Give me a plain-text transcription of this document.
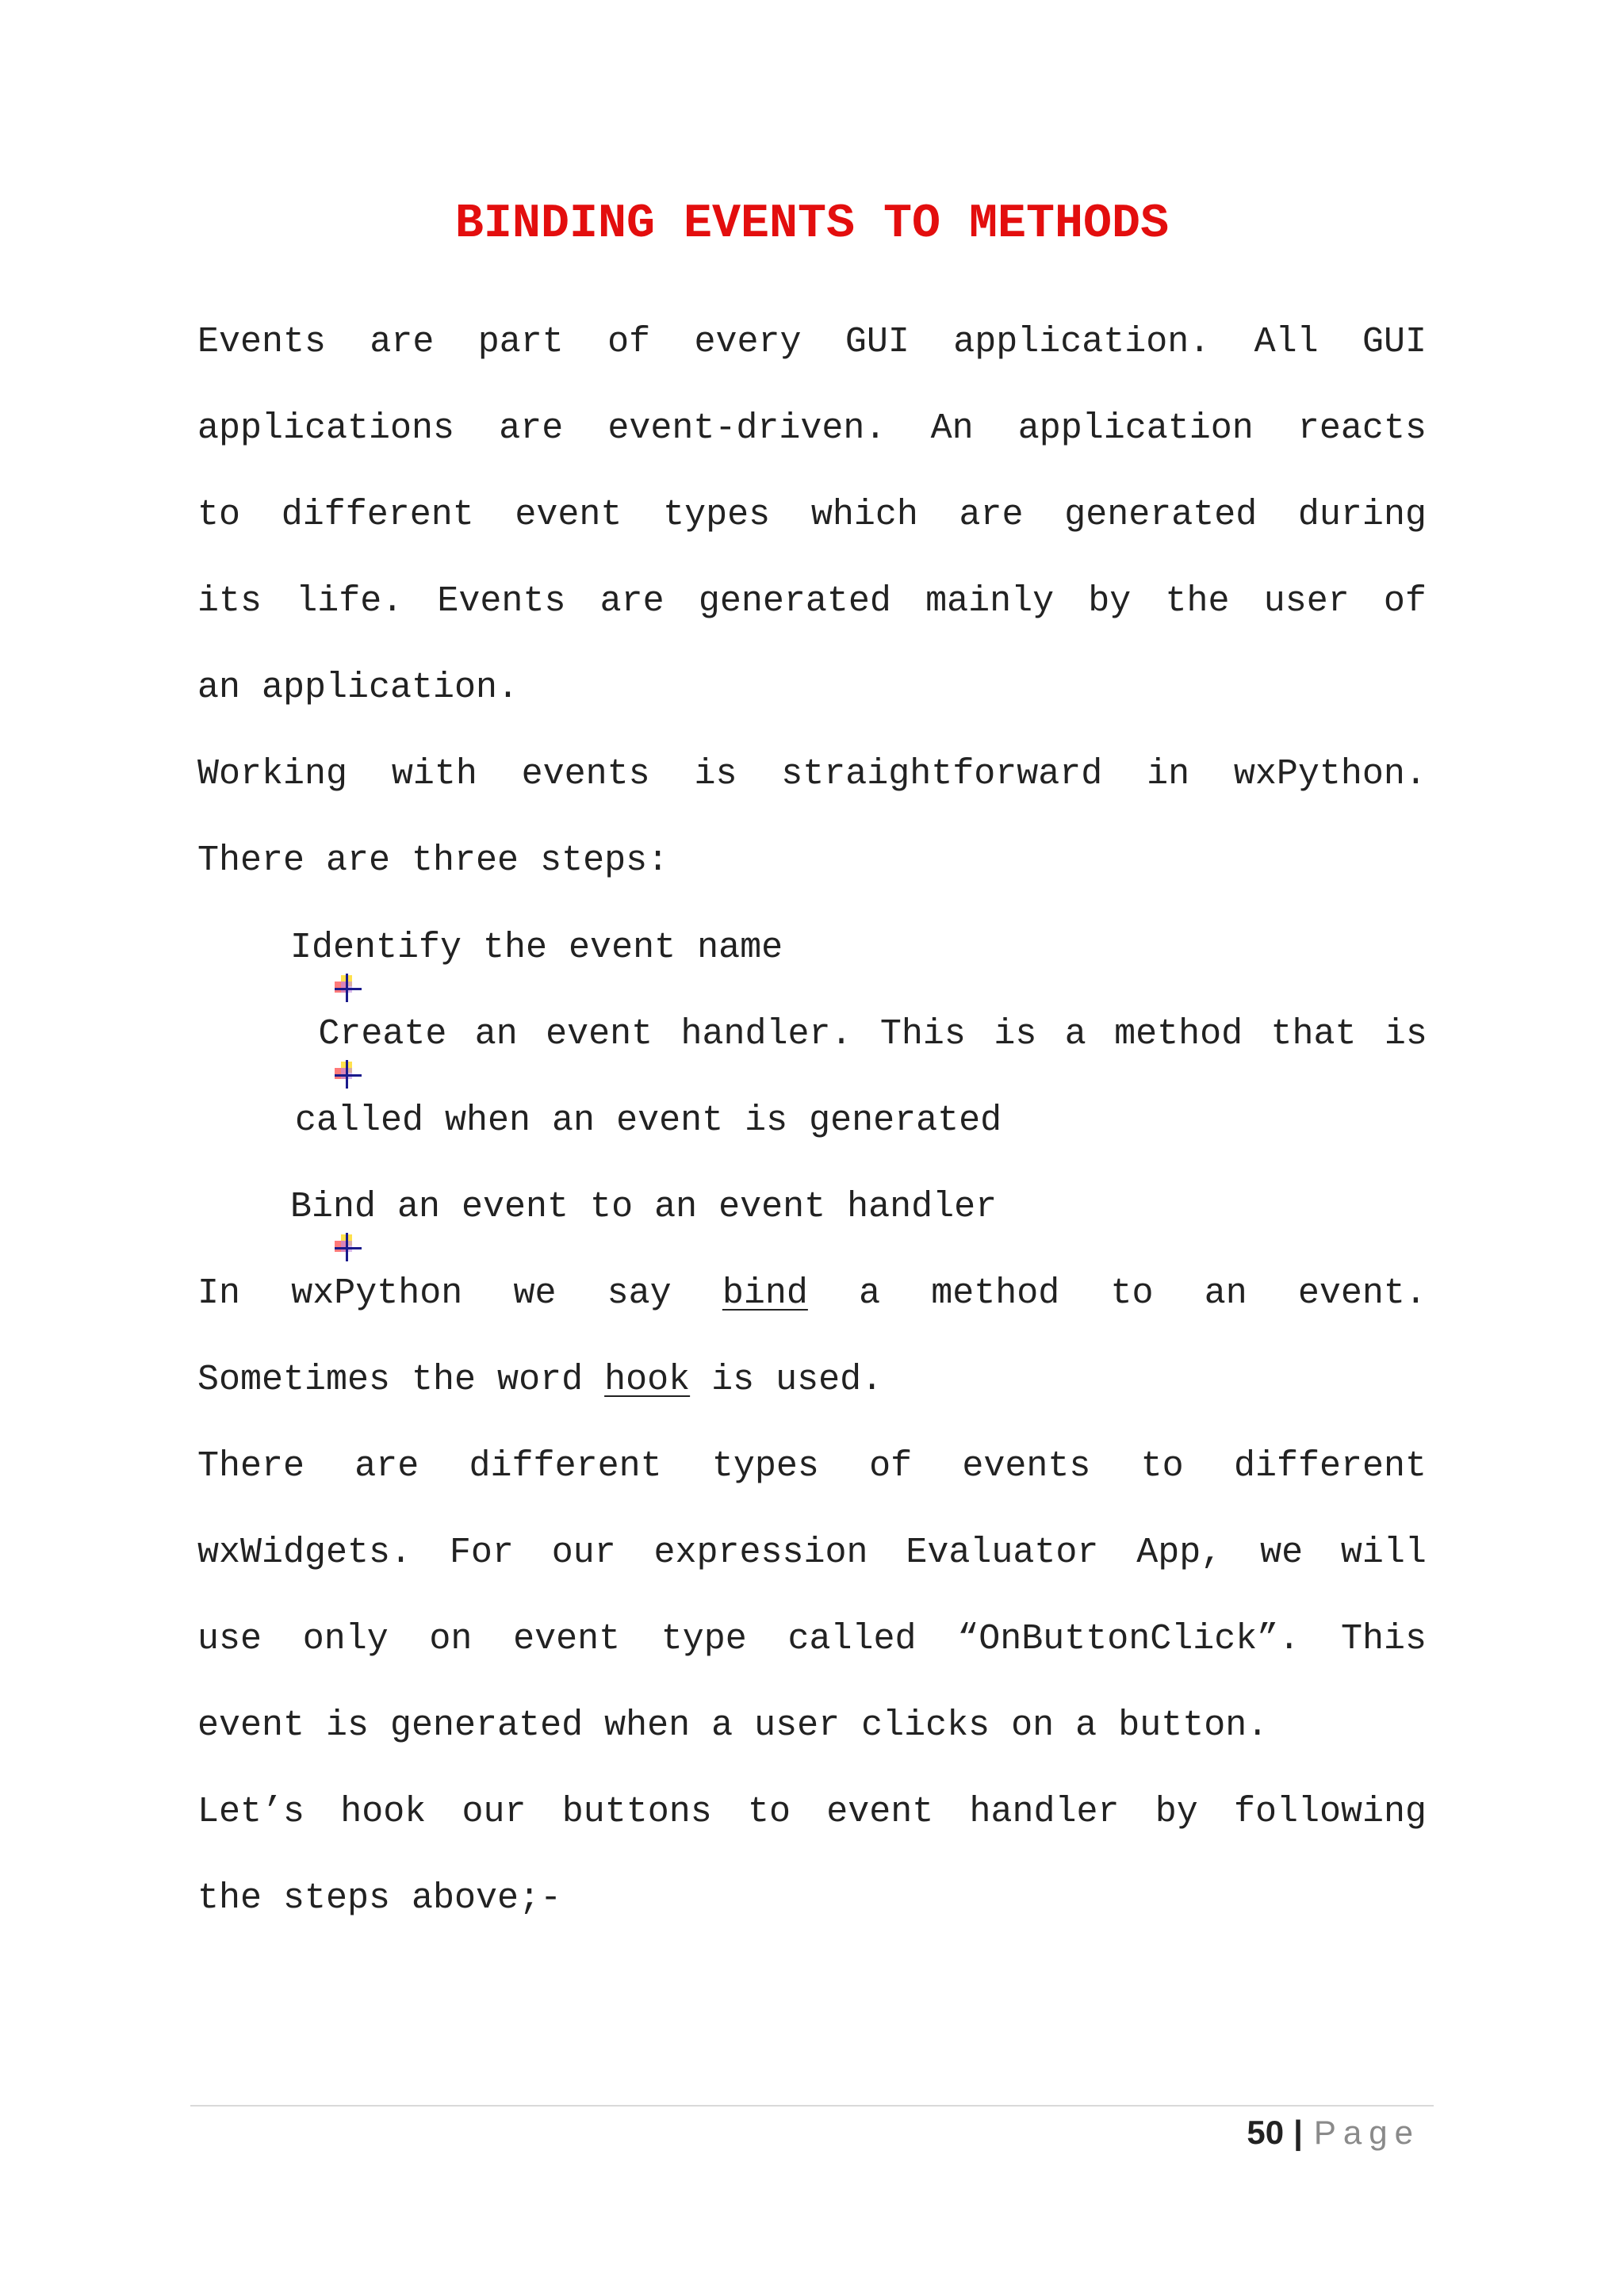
BINDING EVENTS TO METHODS
Events are part of every GUI application. All GUI
applications are event-driven. An application reacts
to different event types which are generated during
its life. Events are generated mainly by the user of
an application.
Working with events is straightforward in wxPython.
There are three steps:

Identify the event name

Create an event handler. This is a method that is
called when an event is generated

Bind an event to an event handler
In wxPython we say bind a method to an event.
Sometimes the word hook is used.
There are different types of events to different
wxWidgets. For our expression Evaluator App, we will
use only on event type called “OnButtonClick”. This
event is generated when a user clicks on a button.
Let’s hook our buttons to event handler by following
the steps above;-
50 | Page
